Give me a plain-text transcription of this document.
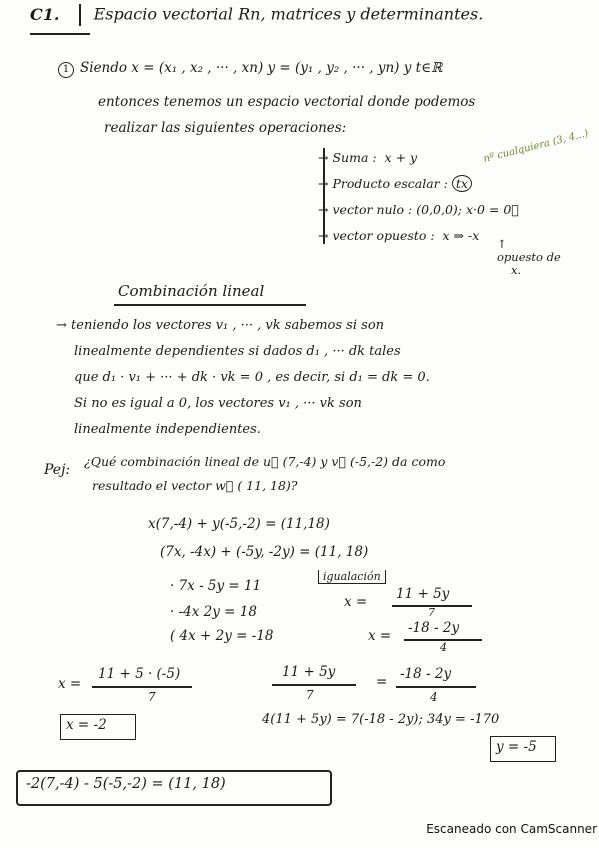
C1. Espacio vectorial Rn, matrices y determinantes.
1 Siendo x = (x₁ , x₂ , ··· , xn) y = (y₁ , y₂ , ··· , yn) y t∈ℝ
entonces tenemos un espacio vectorial donde podemos
realizar las siguientes operaciones:
→ Suma : x + y
→ Producto escalar : tx
→ vector nulo : (0,0,0); x·0 = 0⃗
→ vector opuesto : x ⇒ -x
nº cualquiera (3, 4...)
↑
opuesto de
x.
Combinación lineal
→ teniendo los vectores v₁ , ··· , vk sabemos si son
linealmente dependientes si dados d₁ , ··· dk tales
que d₁ · v₁ + ··· + dk · vk = 0 , es decir, si d₁ = dk = 0.
Si no es igual a 0, los vectores v₁ , ··· vk son
linealmente independientes.
Pej:
¿Qué combinación lineal de u⃗ (7,-4) y v⃗ (-5,-2) da como
resultado el vector w⃗ ( 11, 18)?
x(7,-4) + y(-5,-2) = (11,18)
(7x, -4x) + (-5y, -2y) = (11, 18)
· 7x - 5y = 11
· -4x 2y = 18
( 4x + 2y = -18
igualación
x = 11 + 5y
7
x = -18 - 2y
4
x =
11 + 5 · (-5)
7
x = -2
11 + 5y
7
= -18 - 2y
4
4(11 + 5y) = 7(-18 - 2y); 34y = -170
y = -5
-2(7,-4) - 5(-5,-2) = (11, 18)
Escaneado con CamScanner
